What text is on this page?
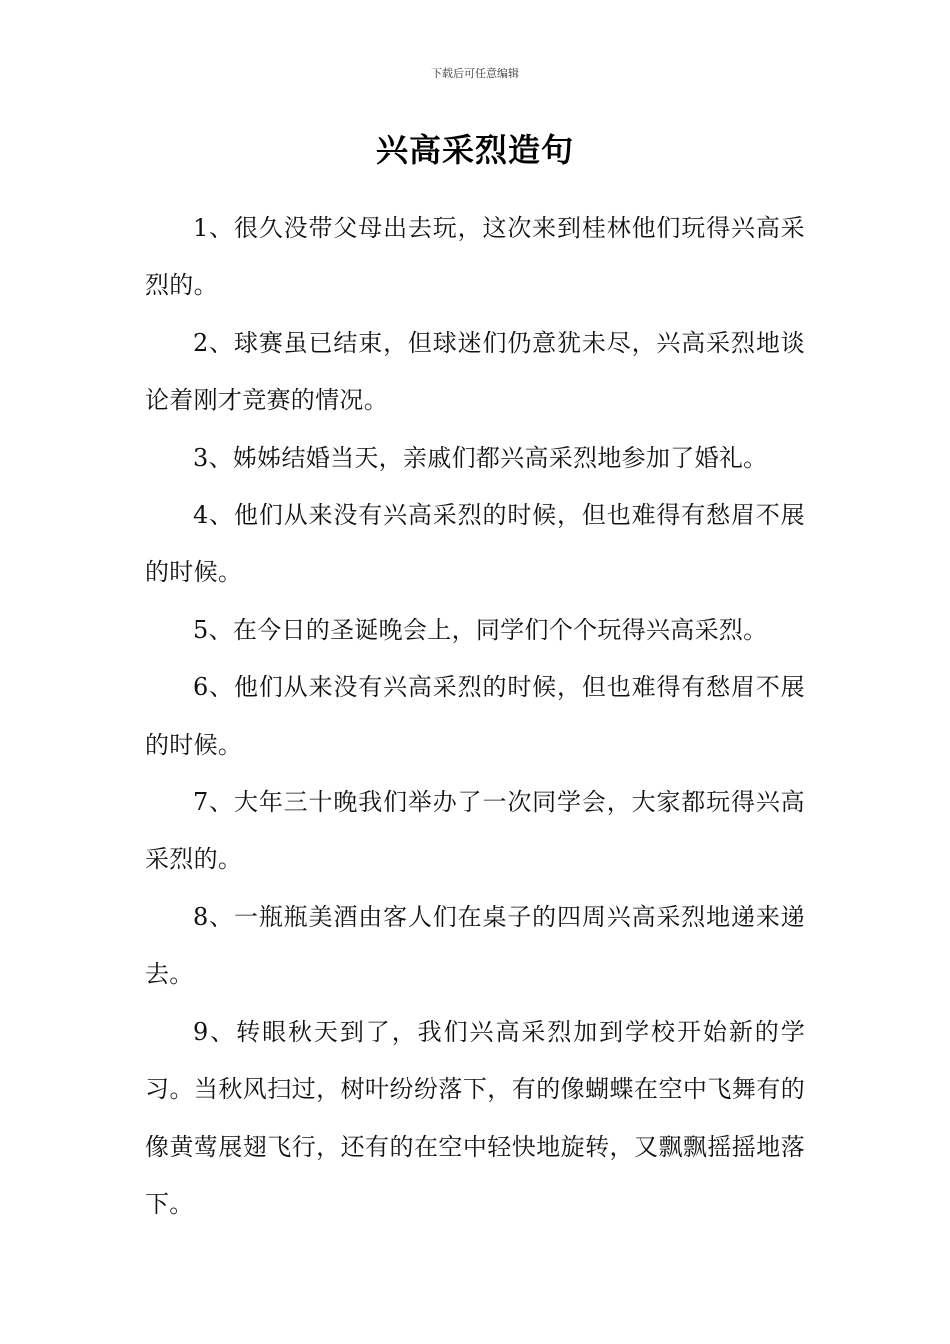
下载后可任意编辑
兴高采烈造句

1、很久没带父母出去玩，这次来到桂林他们玩得兴高采烈的。

2、球赛虽已结束，但球迷们仍意犹未尽，兴高采烈地谈论着刚才竞赛的情况。

3、姊姊结婚当天，亲戚们都兴高采烈地参加了婚礼。

4、他们从来没有兴高采烈的时候，但也难得有愁眉不展的时候。

5、在今日的圣诞晚会上，同学们个个玩得兴高采烈。

6、他们从来没有兴高采烈的时候，但也难得有愁眉不展的时候。

7、大年三十晚我们举办了一次同学会，大家都玩得兴高采烈的。

8、一瓶瓶美酒由客人们在桌子的四周兴高采烈地递来递去。

9、转眼秋天到了，我们兴高采烈加到学校开始新的学习。当秋风扫过，树叶纷纷落下，有的像蝴蝶在空中飞舞有的像黄莺展翅飞行，还有的在空中轻快地旋转，又飘飘摇摇地落下。
